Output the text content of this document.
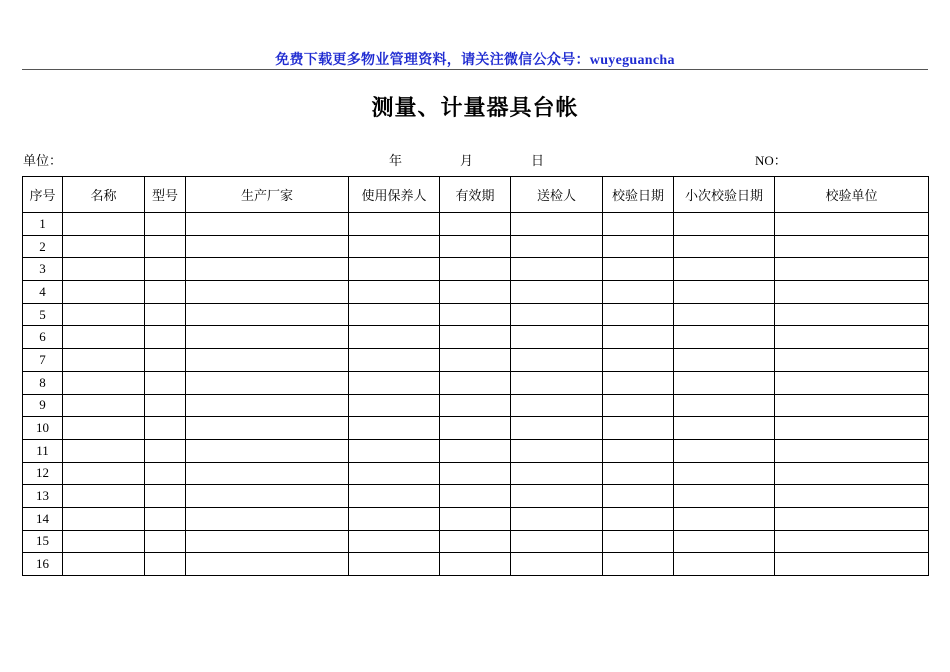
免费下载更多物业管理资料，请关注微信公众号：wuyeguancha
测量、计量器具台帐
单位：	年	月	日	NO：
序号	名称	型号	生产厂家	使用保养人	有效期	送检人	校验日期	小次校验日期	校验单位
1									
2									
3									
4									
5									
6									
7									
8									
9									
10									
11									
12									
13									
14									
15									
16									
